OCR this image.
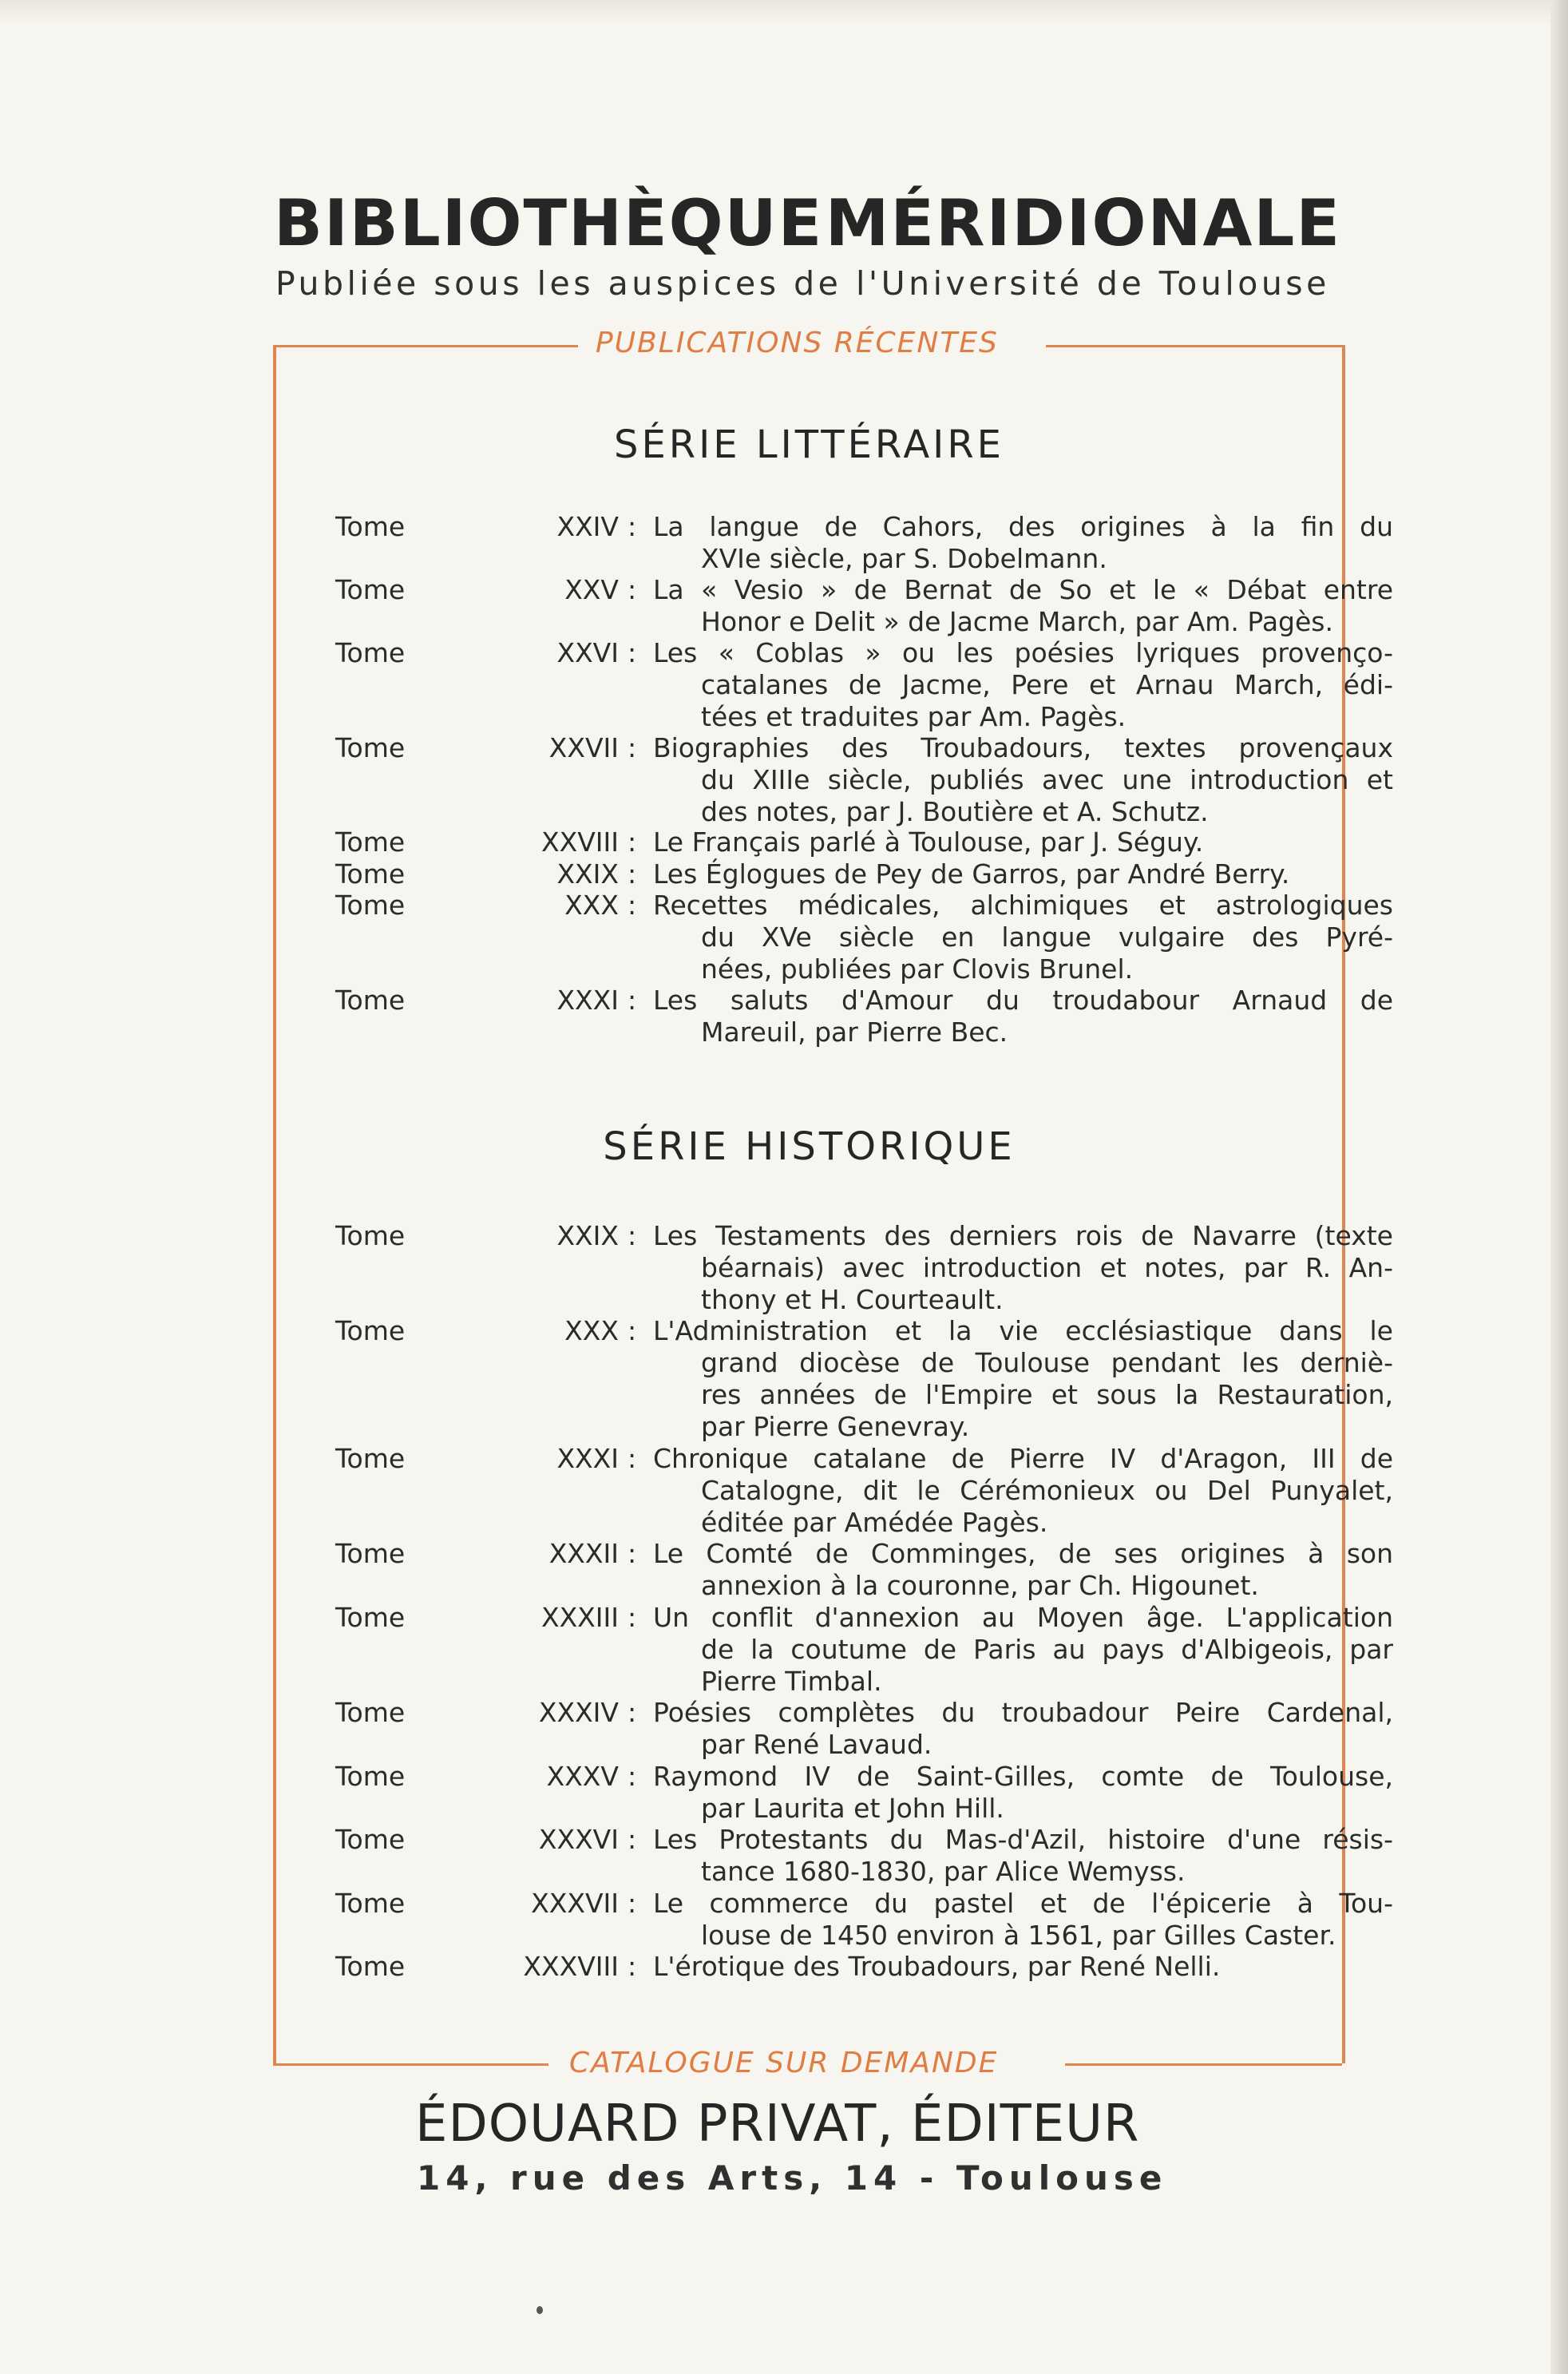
BIBLIOTHÈQUE MÉRIDIONALE
Publiée sous les auspices de l'Université de Toulouse
PUBLICATIONS RÉCENTES
CATALOGUE SUR DEMANDE
SÉRIE LITTÉRAIRE
Tome	XXIV : La langue de Cahors, des origines à la fin du
XVIe siècle, par S. Dobelmann.
Tome	XXV : La « Vesio » de Bernat de So et le « Débat entre
Honor e Delit » de Jacme March, par Am. Pagès.
Tome	XXVI : Les « Coblas » ou les poésies lyriques provenço-
catalanes de Jacme, Pere et Arnau March, édi-
tées et traduites par Am. Pagès.
Tome	XXVII : Biographies des Troubadours, textes provençaux
du XIIIe siècle, publiés avec une introduction et
des notes, par J. Boutière et A. Schutz.
Tome	XXVIII : Le Français parlé à Toulouse, par J. Séguy.
Tome	XXIX : Les Églogues de Pey de Garros, par André Berry.
Tome	XXX : Recettes médicales, alchimiques et astrologiques
du XVe siècle en langue vulgaire des Pyré-
nées, publiées par Clovis Brunel.
Tome	XXXI : Les saluts d'Amour du troudabour Arnaud de
Mareuil, par Pierre Bec.
SÉRIE HISTORIQUE
Tome	XXIX : Les Testaments des derniers rois de Navarre (texte
béarnais) avec introduction et notes, par R. An-
thony et H. Courteault.
Tome	XXX : L'Administration et la vie ecclésiastique dans le
grand diocèse de Toulouse pendant les derniè-
res années de l'Empire et sous la Restauration,
par Pierre Genevray.
Tome	XXXI : Chronique catalane de Pierre IV d'Aragon, III de
Catalogne, dit le Cérémonieux ou Del Punyalet,
éditée par Amédée Pagès.
Tome	XXXII : Le Comté de Comminges, de ses origines à son
annexion à la couronne, par Ch. Higounet.
Tome	XXXIII : Un conflit d'annexion au Moyen âge. L'application
de la coutume de Paris au pays d'Albigeois, par
Pierre Timbal.
Tome	XXXIV : Poésies complètes du troubadour Peire Cardenal,
par René Lavaud.
Tome	XXXV : Raymond IV de Saint-Gilles, comte de Toulouse,
par Laurita et John Hill.
Tome	XXXVI : Les Protestants du Mas-d'Azil, histoire d'une résis-
tance 1680-1830, par Alice Wemyss.
Tome	XXXVII : Le commerce du pastel et de l'épicerie à Tou-
louse de 1450 environ à 1561, par Gilles Caster.
Tome	XXXVIII : L'érotique des Troubadours, par René Nelli.
ÉDOUARD PRIVAT, ÉDITEUR
14, rue des Arts, 14 - Toulouse
